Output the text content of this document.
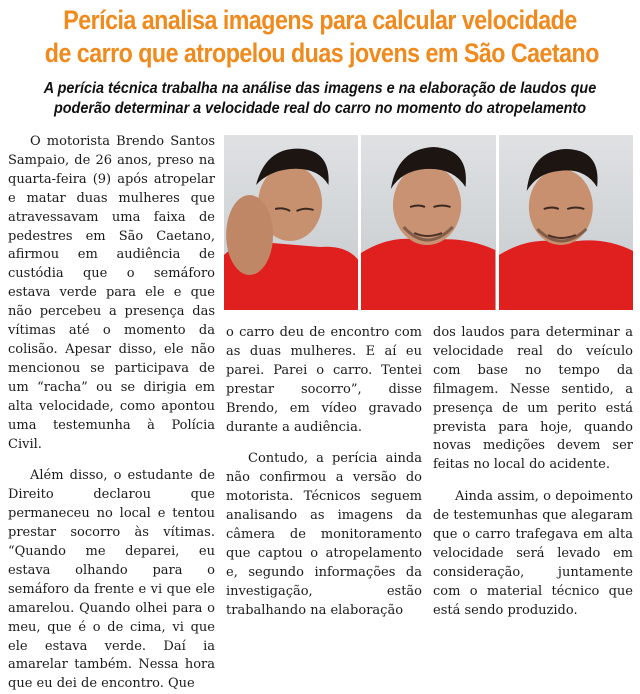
Perícia analisa imagens para calcular velocidade
de carro que atropelou duas jovens em São Caetano
A perícia técnica trabalha na análise das imagens e na elaboração de laudos que
poderão determinar a velocidade real do carro no momento do atropelamento

O motorista Brendo Santos Sampaio, de 26 anos, preso na quarta-feira (9) após atropelar e matar duas mulheres que atravessavam uma faixa de pedestres em São Caetano, afirmou em audiência de custódia que o semáforo estava verde para ele e que não percebeu a presença das vítimas até o momento da colisão. Apesar disso, ele não mencionou se participava de um “racha” ou se dirigia em alta velocidade, como apontou uma testemunha à Polícia Civil.

Além disso, o estudante de Direito declarou que permaneceu no local e tentou prestar socorro às vítimas. “Quando me deparei, eu estava olhando para o semáforo da frente e vi que ele amarelou. Quando olhei para o meu, que é o de cima, vi que ele estava verde. Daí ia amarelar também. Nessa hora que eu dei de encontro. Que

o carro deu de encontro com as duas mulheres. E aí eu parei. Parei o carro. Tentei prestar socorro”, disse Brendo, em vídeo gravado durante a audiência.

Contudo, a perícia ainda não confirmou a versão do motorista. Técnicos seguem analisando as imagens da câmera de monitoramento que captou o atropelamento e, segundo informações da investigação, estão trabalhando na elaboração

dos laudos para determinar a velocidade real do veículo com base no tempo da filmagem. Nesse sentido, a presença de um perito está prevista para hoje, quando novas medições devem ser feitas no local do acidente.

Ainda assim, o depoimento de testemunhas que alegaram que o carro trafegava em alta velocidade será levado em consideração, juntamente com o material técnico que está sendo produzido.
